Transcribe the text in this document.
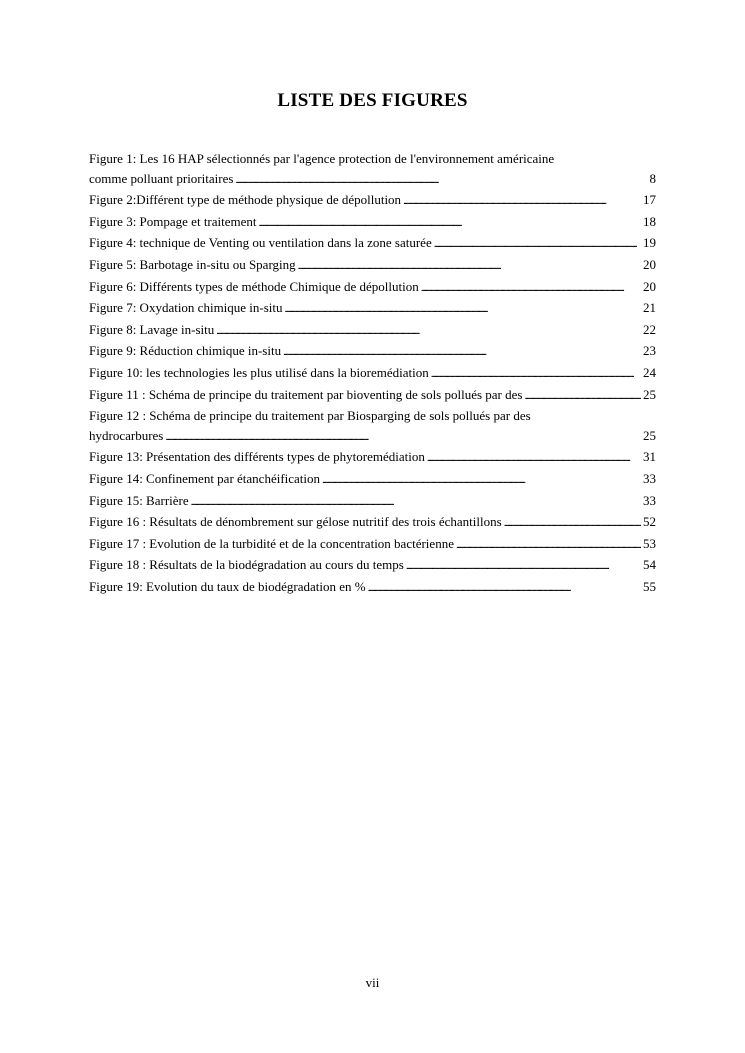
LISTE DES FIGURES
Figure 1: Les 16 HAP sélectionnés par l'agence protection de l'environnement américaine
comme polluant prioritaires . . .	8
Figure 2:Différent type de méthode physique de dépollution . . .	17
Figure 3: Pompage et traitement . . .	18
Figure 4: technique de Venting ou ventilation dans la zone saturée . . .	19
Figure 5: Barbotage in-situ ou Sparging . . .	20
Figure 6: Différents types de méthode Chimique de dépollution . . .	20
Figure 7: Oxydation chimique in-situ . . .	21
Figure 8: Lavage in-situ . . .	22
Figure 9: Réduction chimique in-situ . . .	23
Figure 10: les technologies les plus utilisé dans la bioremédiation . . .	24
Figure 11 : Schéma de principe du traitement par bioventing de sols pollués par des . . .	25
Figure 12 : Schéma de principe du traitement par Biosparging de sols pollués par des
hydrocarbures . . .	25
Figure 13: Présentation des différents types de phytoremédiation . . .	31
Figure 14: Confinement par étanchéification . . .	33
Figure 15: Barrière . . .	33
Figure 16 : Résultats de dénombrement sur gélose nutritif des trois échantillons . . .	52
Figure 17 : Evolution de la turbidité et de la concentration bactérienne . . .	53
Figure 18 : Résultats de la biodégradation au cours du temps . . .	54
Figure 19: Evolution du taux de biodégradation en % . . .	55
vii
